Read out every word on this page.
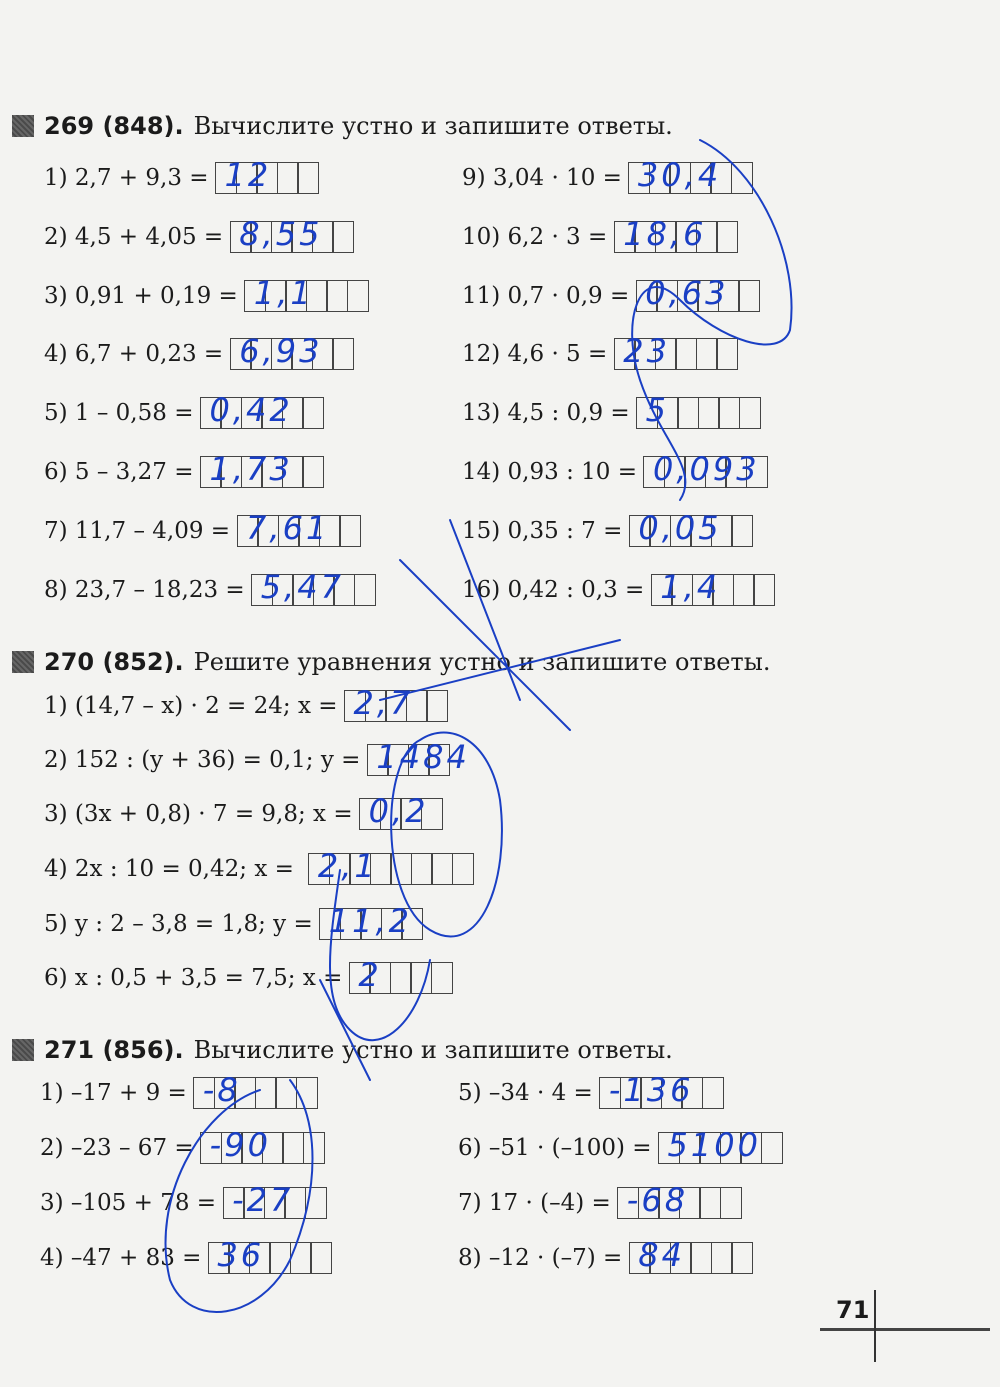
269 (848). Вычислите устно и запишите ответы.
1) 2,7 + 9,3 = 12
2) 4,5 + 4,05 = 8,55
3) 0,91 + 0,19 = 1,1
4) 6,7 + 0,23 = 6,93
5) 1 – 0,58 = 0,42
6) 5 – 3,27 = 1,73
7) 11,7 – 4,09 = 7,61
8) 23,7 – 18,23 = 5,47
9) 3,04 · 10 = 30,4
10) 6,2 · 3 = 18,6
11) 0,7 · 0,9 = 0,63
12) 4,6 · 5 = 23
13) 4,5 : 0,9 = 5
14) 0,93 : 10 = 0,093
15) 0,35 : 7 = 0,05
16) 0,42 : 0,3 = 1,4
270 (852). Решите уравнения устно и запишите ответы.
1) (14,7 – x) · 2 = 24; x = 2,7
2) 152 : (y + 36) = 0,1; y = 1484
3) (3x + 0,8) · 7 = 9,8; x = 0,2
4) 2x : 10 = 0,42; x = 2,1
5) y : 2 – 3,8 = 1,8; y = 11,2
6) x : 0,5 + 3,5 = 7,5; x = 2
271 (856). Вычислите устно и запишите ответы.
1) –17 + 9 = -8
2) –23 – 67 = -90
3) –105 + 78 = -27
4) –47 + 83 = 36
5) –34 · 4 = -136
6) –51 · (–100) = 5100
7) 17 · (–4) = -68
8) –12 · (–7) = 84
71
